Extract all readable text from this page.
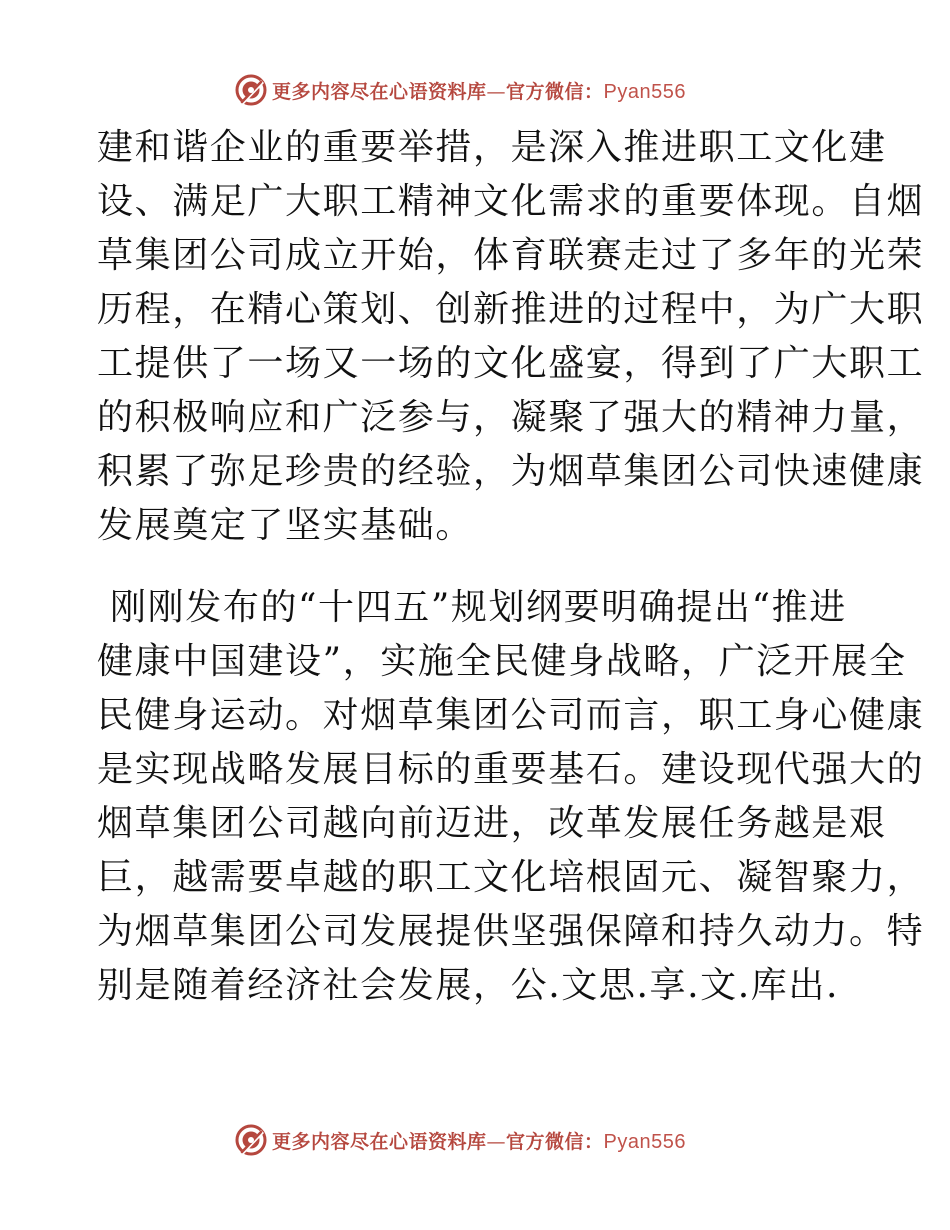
更多内容尽在心语资料库—官方微信：Pyan556
建和谐企业的重要举措，是深入推进职工文化建
设、满足广大职工精神文化需求的重要体现。自烟
草集团公司成立开始，体育联赛走过了多年的光荣
历程，在精心策划、创新推进的过程中，为广大职
工提供了一场又一场的文化盛宴，得到了广大职工
的积极响应和广泛参与，凝聚了强大的精神力量，
积累了弥足珍贵的经验，为烟草集团公司快速健康
发展奠定了坚实基础。
刚刚发布的“十四五”规划纲要明确提出“推进
健康中国建设”，实施全民健身战略，广泛开展全
民健身运动。对烟草集团公司而言，职工身心健康
是实现战略发展目标的重要基石。建设现代强大的
烟草集团公司越向前迈进，改革发展任务越是艰
巨，越需要卓越的职工文化培根固元、凝智聚力，
为烟草集团公司发展提供坚强保障和持久动力。特
别是随着经济社会发展，公.文思.享.文.库出.
更多内容尽在心语资料库—官方微信：Pyan556
